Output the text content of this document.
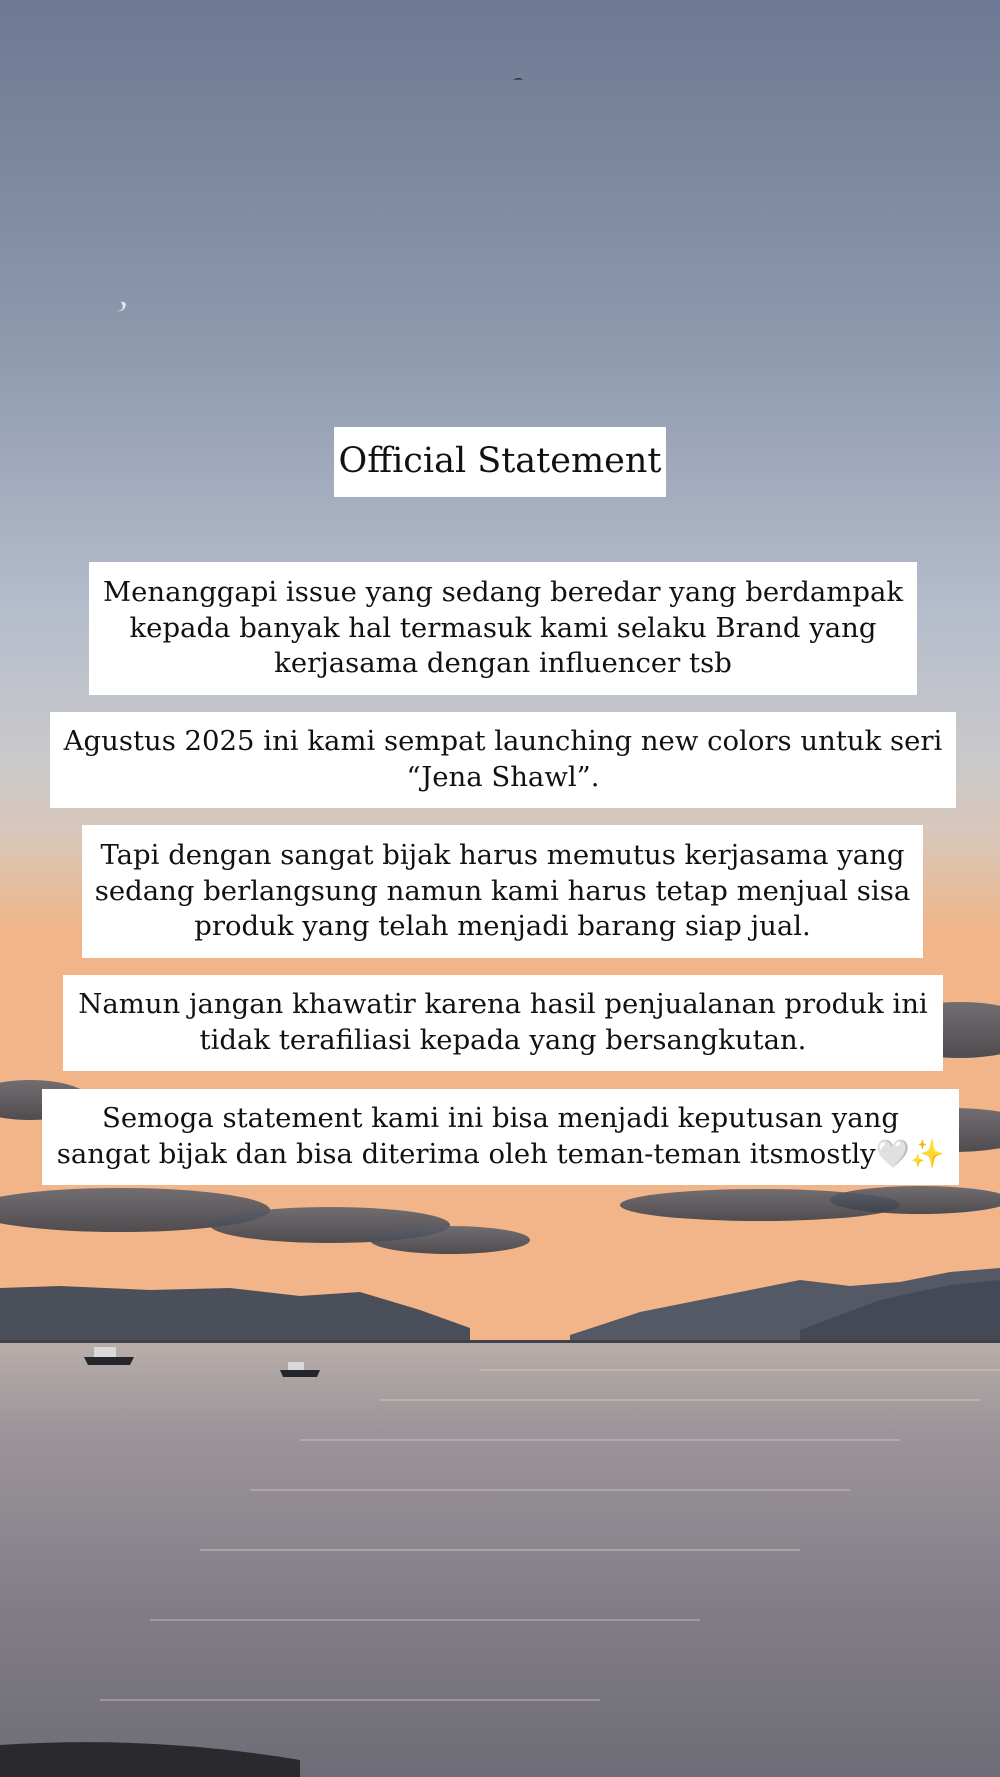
Official Statement
Menanggapi issue yang sedang beredar yang berdampak kepada banyak hal termasuk kami selaku Brand yang kerjasama dengan influencer tsb
Agustus 2025 ini kami sempat launching new colors untuk seri “Jena Shawl”.
Tapi dengan sangat bijak harus memutus kerjasama yang sedang berlangsung namun kami harus tetap menjual sisa produk yang telah menjadi barang siap jual.
Namun jangan khawatir karena hasil penjualanan produk ini tidak terafiliasi kepada yang bersangkutan.
Semoga statement kami ini bisa menjadi keputusan yang sangat bijak dan bisa diterima oleh teman-teman itsmostly🤍✨
